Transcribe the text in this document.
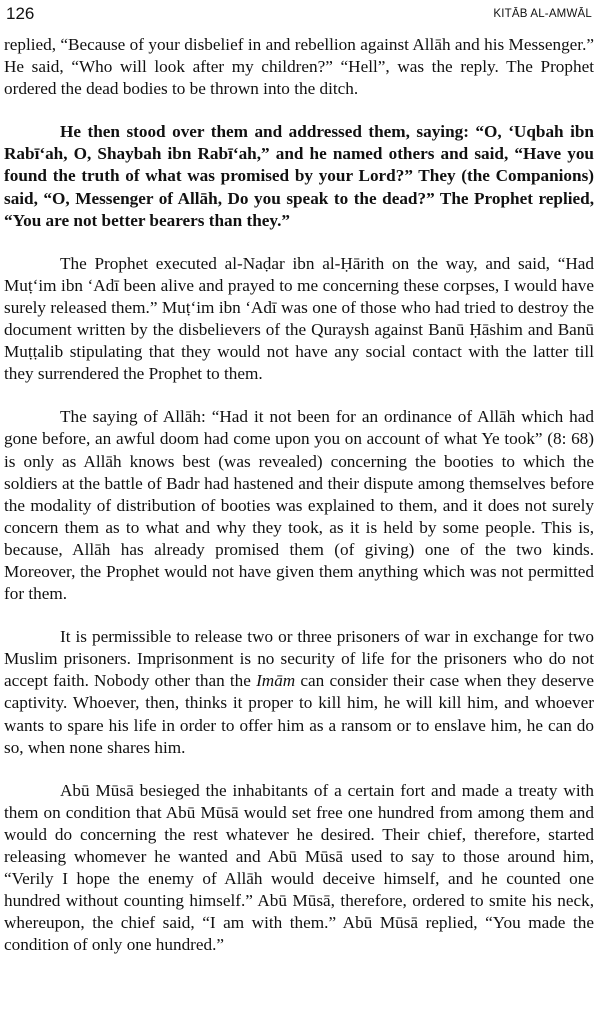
126	KITĀB AL-AMWĀL

replied, “Because of your disbelief in and rebellion against Allāh and his Messenger.” He said, “Who will look after my children?” “Hell”, was the reply. The Prophet ordered the dead bodies to be thrown into the ditch.

He then stood over them and addressed them, saying: “O, ‘Uqbah ibn Rabī‘ah, O, Shaybah ibn Rabī‘ah,” and he named others and said, “Have you found the truth of what was promised by your Lord?” They (the Companions) said, “O, Messenger of Allāh, Do you speak to the dead?” The Prophet replied, “You are not better bearers than they.”

The Prophet executed al-Naḍar ibn al-Ḥārith on the way, and said, “Had Muṭ‘im ibn ‘Adī been alive and prayed to me concerning these corpses, I would have surely released them.” Muṭ‘im ibn ‘Adī was one of those who had tried to destroy the document written by the disbelievers of the Quraysh against Banū Ḥāshim and Banū Muṭṭalib stipulating that they would not have any social contact with the latter till they surrendered the Prophet to them.

The saying of Allāh: “Had it not been for an ordinance of Allāh which had gone before, an awful doom had come upon you on account of what Ye took” (8: 68) is only as Allāh knows best (was revealed) concerning the booties to which the soldiers at the battle of Badr had hastened and their dispute among themselves before the modality of distribution of booties was explained to them, and it does not surely concern them as to what and why they took, as it is held by some people. This is, because, Allāh has already promised them (of giving) one of the two kinds. Moreover, the Prophet would not have given them anything which was not permitted for them.

It is permissible to release two or three prisoners of war in exchange for two Muslim prisoners. Imprisonment is no security of life for the prisoners who do not accept faith. Nobody other than the Imām can consider their case when they deserve captivity. Whoever, then, thinks it proper to kill him, he will kill him, and whoever wants to spare his life in order to offer him as a ransom or to enslave him, he can do so, when none shares him.

Abū Mūsā besieged the inhabitants of a certain fort and made a treaty with them on condition that Abū Mūsā would set free one hundred from among them and would do concerning the rest whatever he desired. Their chief, therefore, started releasing whomever he wanted and Abū Mūsā used to say to those around him, “Verily I hope the enemy of Allāh would deceive himself, and he counted one hundred without counting himself.” Abū Mūsā, therefore, ordered to smite his neck, whereupon, the chief said, “I am with them.” Abū Mūsā replied, “You made the condition of only one hundred.”
